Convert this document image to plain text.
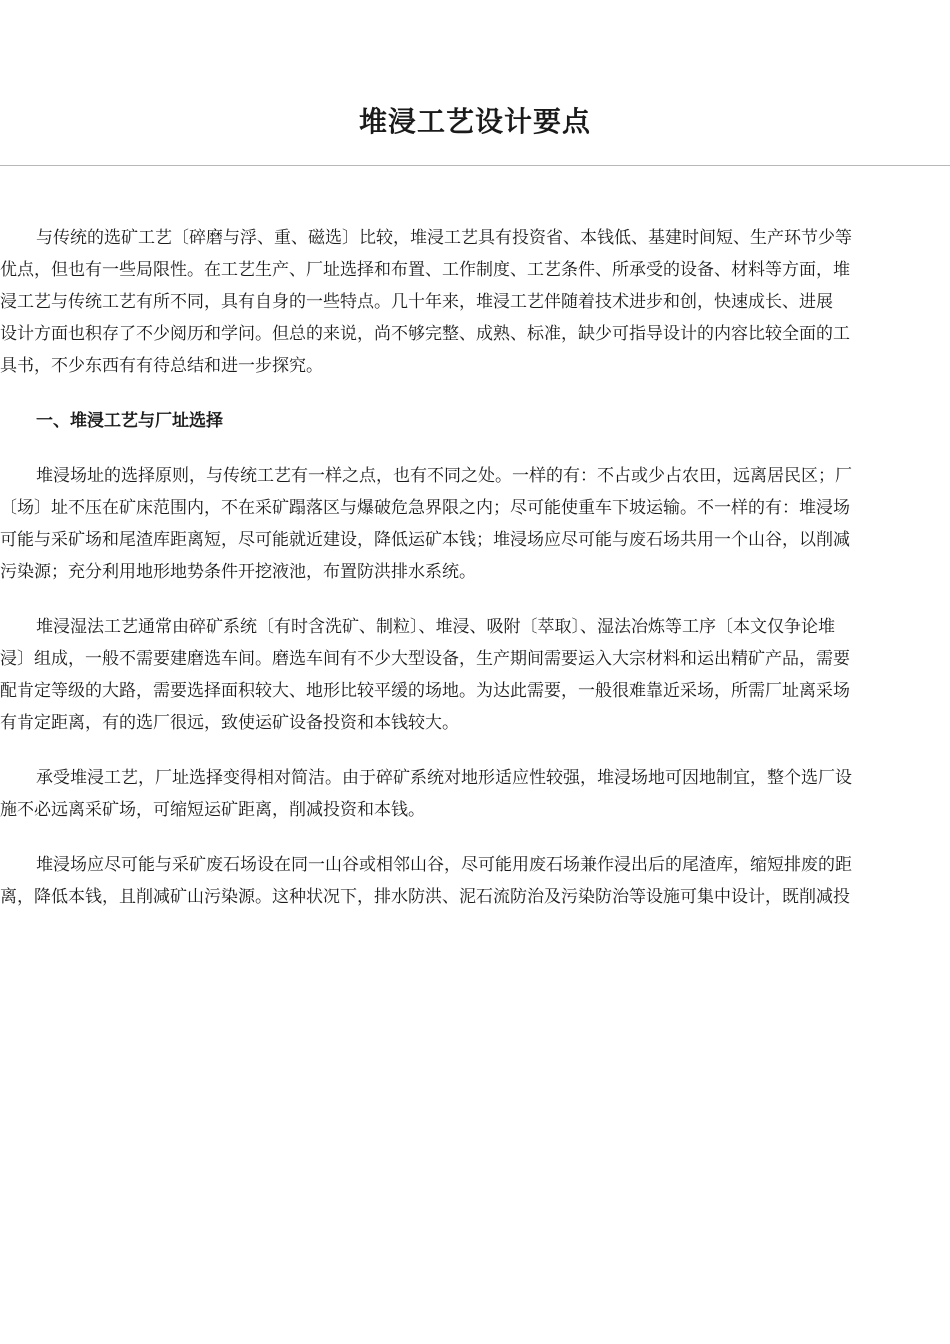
堆浸工艺设计要点
与传统的选矿工艺〔碎磨与浮、重、磁选〕比较，堆浸工艺具有投资省、本钱低、基建时间短、生产环节少等
优点，但也有一些局限性。在工艺生产、厂址选择和布置、工作制度、工艺条件、所承受的设备、材料等方面，堆
浸工艺与传统工艺有所不同，具有自身的一些特点。几十年来，堆浸工艺伴随着技术进步和创，快速成长、进展
设计方面也积存了不少阅历和学问。但总的来说，尚不够完整、成熟、标准，缺少可指导设计的内容比较全面的工
具书，不少东西有有待总结和进一步探究。
一、堆浸工艺与厂址选择
堆浸场址的选择原则，与传统工艺有一样之点，也有不同之处。一样的有：不占或少占农田，远离居民区；厂
〔场〕址不压在矿床范围内，不在采矿蹋落区与爆破危急界限之内；尽可能使重车下坡运输。不一样的有：堆浸场
可能与采矿场和尾渣库距离短，尽可能就近建设，降低运矿本钱；堆浸场应尽可能与废石场共用一个山谷，以削减
污染源；充分利用地形地势条件开挖液池，布置防洪排水系统。
堆浸湿法工艺通常由碎矿系统〔有时含洗矿、制粒〕、堆浸、吸附〔萃取〕、湿法冶炼等工序〔本文仅争论堆
浸〕组成，一般不需要建磨选车间。磨选车间有不少大型设备，生产期间需要运入大宗材料和运出精矿产品，需要
配肯定等级的大路，需要选择面积较大、地形比较平缓的场地。为达此需要，一般很难靠近采场，所需厂址离采场
有肯定距离，有的选厂很远，致使运矿设备投资和本钱较大。
承受堆浸工艺，厂址选择变得相对简洁。由于碎矿系统对地形适应性较强，堆浸场地可因地制宜，整个选厂设
施不必远离采矿场，可缩短运矿距离，削减投资和本钱。
堆浸场应尽可能与采矿废石场设在同一山谷或相邻山谷，尽可能用废石场兼作浸出后的尾渣库，缩短排废的距
离，降低本钱，且削减矿山污染源。这种状况下，排水防洪、泥石流防治及污染防治等设施可集中设计，既削减投
